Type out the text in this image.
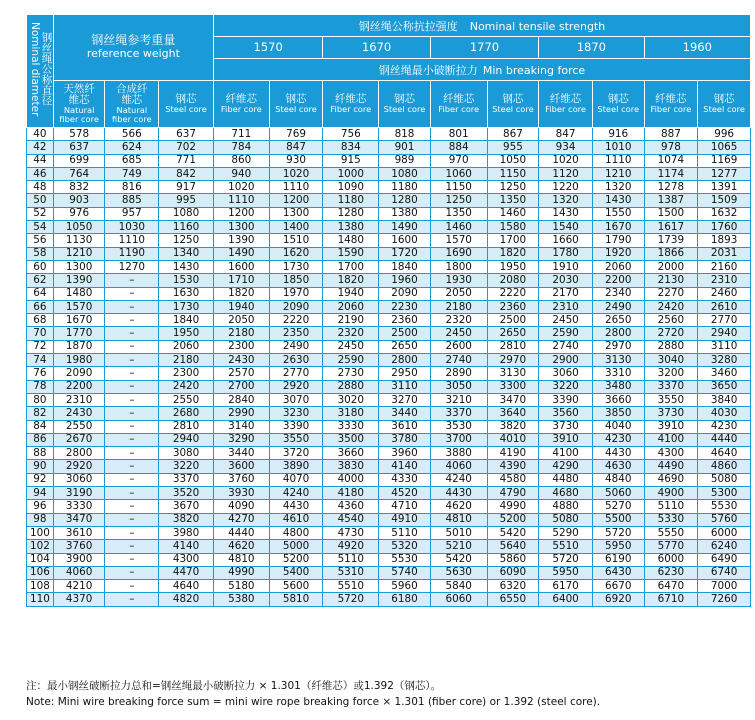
钢丝绳公称直径
Nominal diameter	钢丝绳参考重量
reference weight			钢丝绳公称抗拉强度 Nominal tensile strength									
				1570		1670		1770		1870		1960	
				钢丝绳最小破断拉力 Min breaking force									

	天然纤
维芯
Natural
fiber core	合成纤
维芯
Natural
fiber core	钢芯
Steel core	纤维芯
Fiber core	钢芯
Steel core	纤维芯
Fiber core	钢芯
Steel core	纤维芯
Fiber core	钢芯
Steel core	纤维芯
Fiber core	钢芯
Steel core	纤维芯
Fiber core	钢芯
Steel core

40	578	566	637	711	769	756	818	801	867	847	916	887	996
42	637	624	702	784	847	834	901	884	955	934	1010	978	1065
44	699	685	771	860	930	915	989	970	1050	1020	1110	1074	1169
46	764	749	842	940	1020	1000	1080	1060	1150	1120	1210	1174	1277
48	832	816	917	1020	1110	1090	1180	1150	1250	1220	1320	1278	1391
50	903	885	995	1110	1200	1180	1280	1250	1350	1320	1430	1387	1509
52	976	957	1080	1200	1300	1280	1380	1350	1460	1430	1550	1500	1632
54	1050	1030	1160	1300	1400	1380	1490	1460	1580	1540	1670	1617	1760
56	1130	1110	1250	1390	1510	1480	1600	1570	1700	1660	1790	1739	1893
58	1210	1190	1340	1490	1620	1590	1720	1690	1820	1780	1920	1866	2031
60	1300	1270	1430	1600	1730	1700	1840	1800	1950	1910	2060	2000	2160
62	1390	–	1530	1710	1850	1820	1960	1930	2080	2030	2200	2130	2310
64	1480	–	1630	1820	1970	1940	2090	2050	2220	2170	2340	2270	2460
66	1570	–	1730	1940	2090	2060	2230	2180	2360	2310	2490	2420	2610
68	1670	–	1840	2050	2220	2190	2360	2320	2500	2450	2650	2560	2770
70	1770	–	1950	2180	2350	2320	2500	2450	2650	2590	2800	2720	2940
72	1870	–	2060	2300	2490	2450	2650	2600	2810	2740	2970	2880	3110
74	1980	–	2180	2430	2630	2590	2800	2740	2970	2900	3130	3040	3280
76	2090	–	2300	2570	2770	2730	2950	2890	3130	3060	3310	3200	3460
78	2200	–	2420	2700	2920	2880	3110	3050	3300	3220	3480	3370	3650
80	2310	–	2550	2840	3070	3020	3270	3210	3470	3390	3660	3550	3840
82	2430	–	2680	2990	3230	3180	3440	3370	3640	3560	3850	3730	4030
84	2550	–	2810	3140	3390	3330	3610	3530	3820	3730	4040	3910	4230
86	2670	–	2940	3290	3550	3500	3780	3700	4010	3910	4230	4100	4440
88	2800	–	3080	3440	3720	3660	3960	3880	4190	4100	4430	4300	4640
90	2920	–	3220	3600	3890	3830	4140	4060	4390	4290	4630	4490	4860
92	3060	–	3370	3760	4070	4000	4330	4240	4580	4480	4840	4690	5080
94	3190	–	3520	3930	4240	4180	4520	4430	4790	4680	5060	4900	5300
96	3330	–	3670	4090	4430	4360	4710	4620	4990	4880	5270	5110	5530
98	3470	–	3820	4270	4610	4540	4910	4810	5200	5080	5500	5330	5760
100	3610	–	3980	4440	4800	4730	5110	5010	5420	5290	5720	5550	6000
102	3760	–	4140	4620	5000	4920	5320	5210	5640	5510	5950	5770	6240
104	3900	–	4300	4810	5200	5110	5530	5420	5860	5720	6190	6000	6490
106	4060	–	4470	4990	5400	5310	5740	5630	6090	5950	6430	6230	6740
108	4210	–	4640	5180	5600	5510	5960	5840	6320	6170	6670	6470	7000
110	4370	–	4820	5380	5810	5720	6180	6060	6550	6400	6920	6710	7260
注：最小钢丝破断拉力总和=钢丝绳最小破断拉力 × 1.301（纤维芯）或1.392（钢芯）。
Note: Mini wire breaking force sum = mini wire rope breaking force × 1.301 (fiber core) or 1.392 (steel core).
